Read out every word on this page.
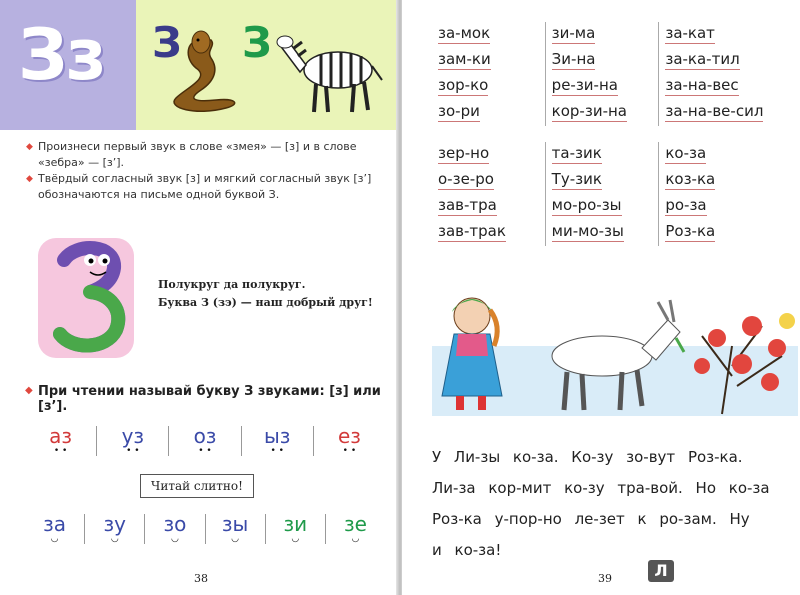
Зз З З
◆ Произнеси первый звук в слове «змея» — [з] и в слове «зебра» — [з’].
◆ Твёрдый согласный звук [з] и мягкий согласный звук [з’] обозначаются на письме одной буквой З.
Полукруг да полукруг.
Буква З (зэ) — наш добрый друг!
◆ При чтении называй букву З звуками: [з] или [з’].
аз
• •
уз
• •
оз
• •
ыз
• •
ез
• •
Читай слитно!
за
◡
зу
◡
зо
◡
зы
◡
зи
◡
зе
◡
38
за-мок
зам-ки
зор-ко
зо-ри
зи-ма
Зи-на
ре-зи-на
кор-зи-на
за-кат
за-ка-тил
за-на-вес
за-на-ве-сил
зер-но
о-зе-ро
зав-тра
зав-трак
та-зик
Ту-зик
мо-ро-зы
ми-мо-зы
ко-за
коз-ка
ро-за
Роз-ка
У Ли-зы ко-за. Ко-зу зо-вут Роз-ка. Ли-за кор-мит ко-зу тра-вой. Но ко-за Роз-ка у-пор-но ле-зет к ро-зам. Ну и ко-за!
39	Л
